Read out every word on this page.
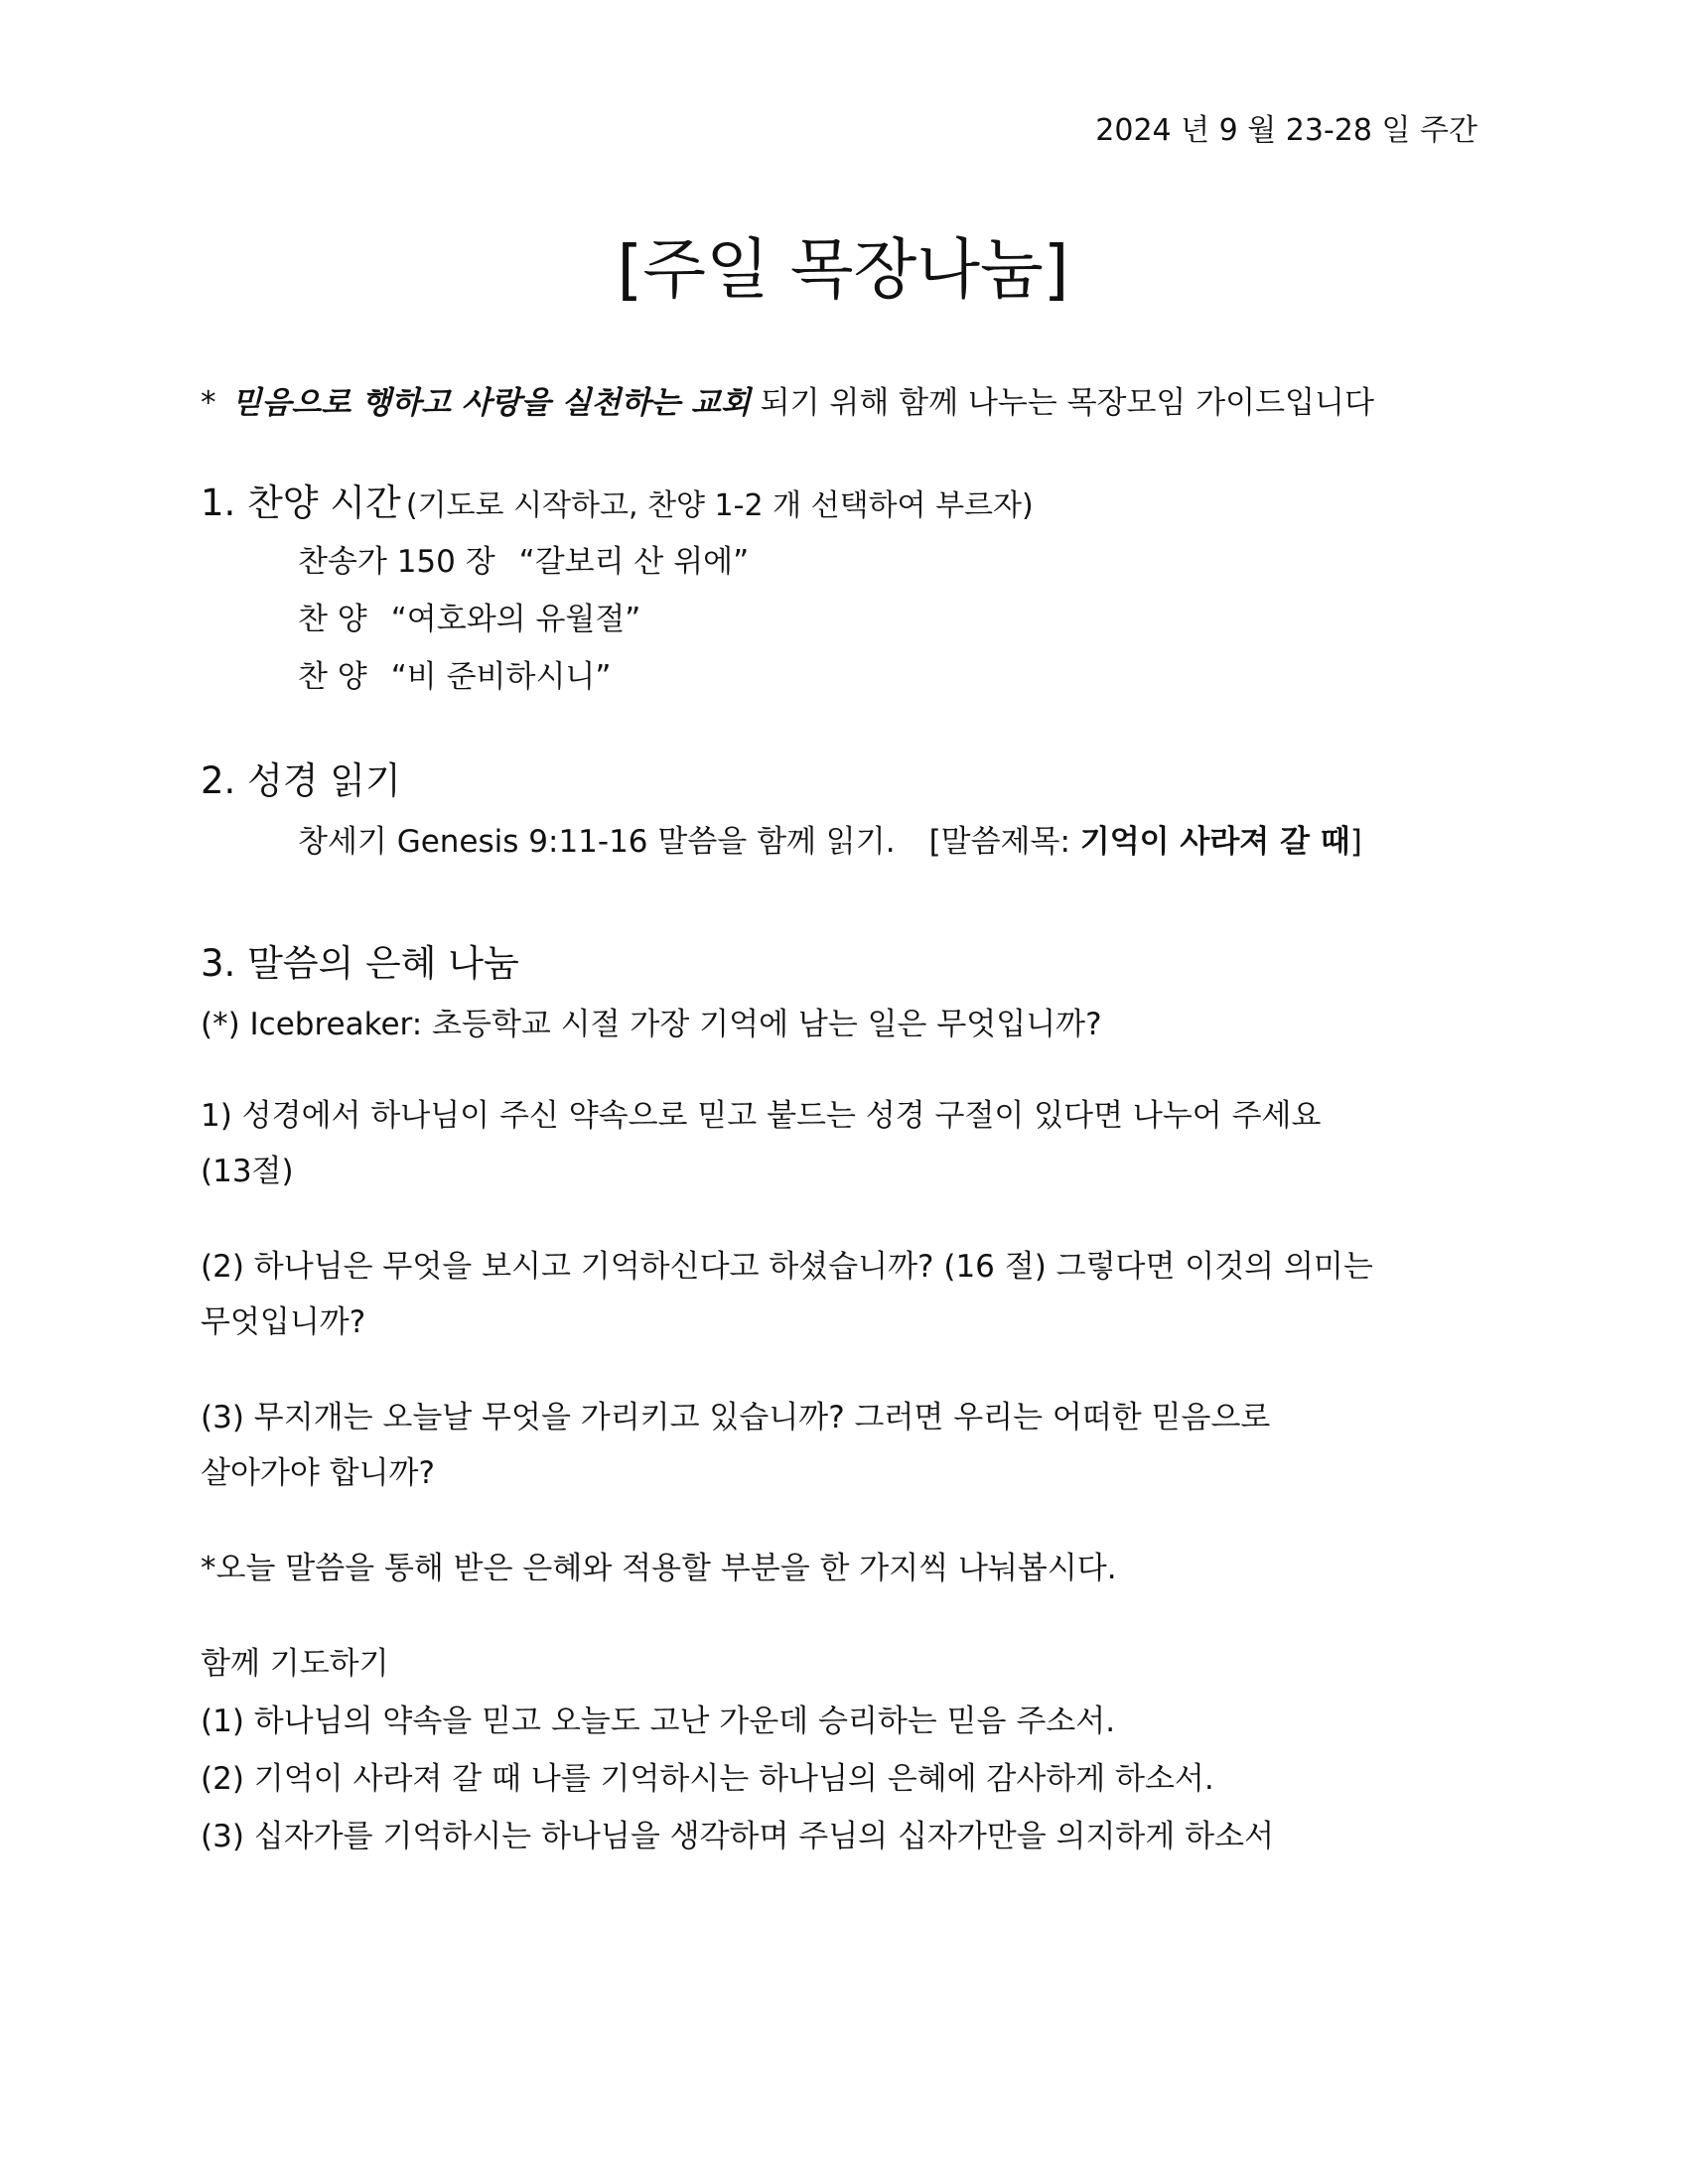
2024 년 9 월 23-28 일 주간
[주일 목장나눔]
* 믿음으로 행하고 사랑을 실천하는 교회 되기 위해 함께 나누는 목장모임 가이드입니다
1. 찬양 시간 (기도로 시작하고, 찬양 1-2 개 선택하여 부르자)
찬송가 150 장 “갈보리 산 위에”
찬 양 “여호와의 유월절”
찬 양 “비 준비하시니”
2. 성경 읽기
창세기 Genesis 9:11-16 말씀을 함께 읽기. [말씀제목: 기억이 사라져 갈 때]
3. 말씀의 은혜 나눔
(*) Icebreaker: 초등학교 시절 가장 기억에 남는 일은 무엇입니까?
1) 성경에서 하나님이 주신 약속으로 믿고 붙드는 성경 구절이 있다면 나누어 주세요
(13절)
(2) 하나님은 무엇을 보시고 기억하신다고 하셨습니까? (16 절) 그렇다면 이것의 의미는
무엇입니까?
(3) 무지개는 오늘날 무엇을 가리키고 있습니까? 그러면 우리는 어떠한 믿음으로
살아가야 합니까?
*오늘 말씀을 통해 받은 은혜와 적용할 부분을 한 가지씩 나눠봅시다.
함께 기도하기
(1) 하나님의 약속을 믿고 오늘도 고난 가운데 승리하는 믿음 주소서.
(2) 기억이 사라져 갈 때 나를 기억하시는 하나님의 은혜에 감사하게 하소서.
(3) 십자가를 기억하시는 하나님을 생각하며 주님의 십자가만을 의지하게 하소서
